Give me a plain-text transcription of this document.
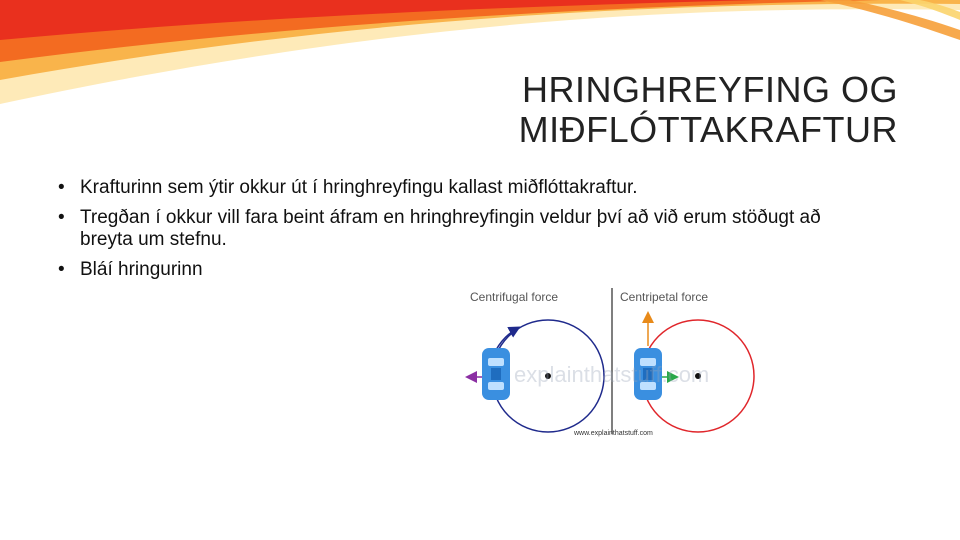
HRINGHREYFING OG
MIÐFLÓTTAKRAFTUR
• Krafturinn sem ýtir okkur út í hringhreyfingu kallast miðflóttakraftur.
• Tregðan í okkur vill fara beint áfram en hringhreyfingin veldur því að við erum stöðugt að breyta um stefnu.
• Bláí hringurinn
Centrifugal force	Centripetal force
explainthatstuff.com
www.explainthatstuff.com
